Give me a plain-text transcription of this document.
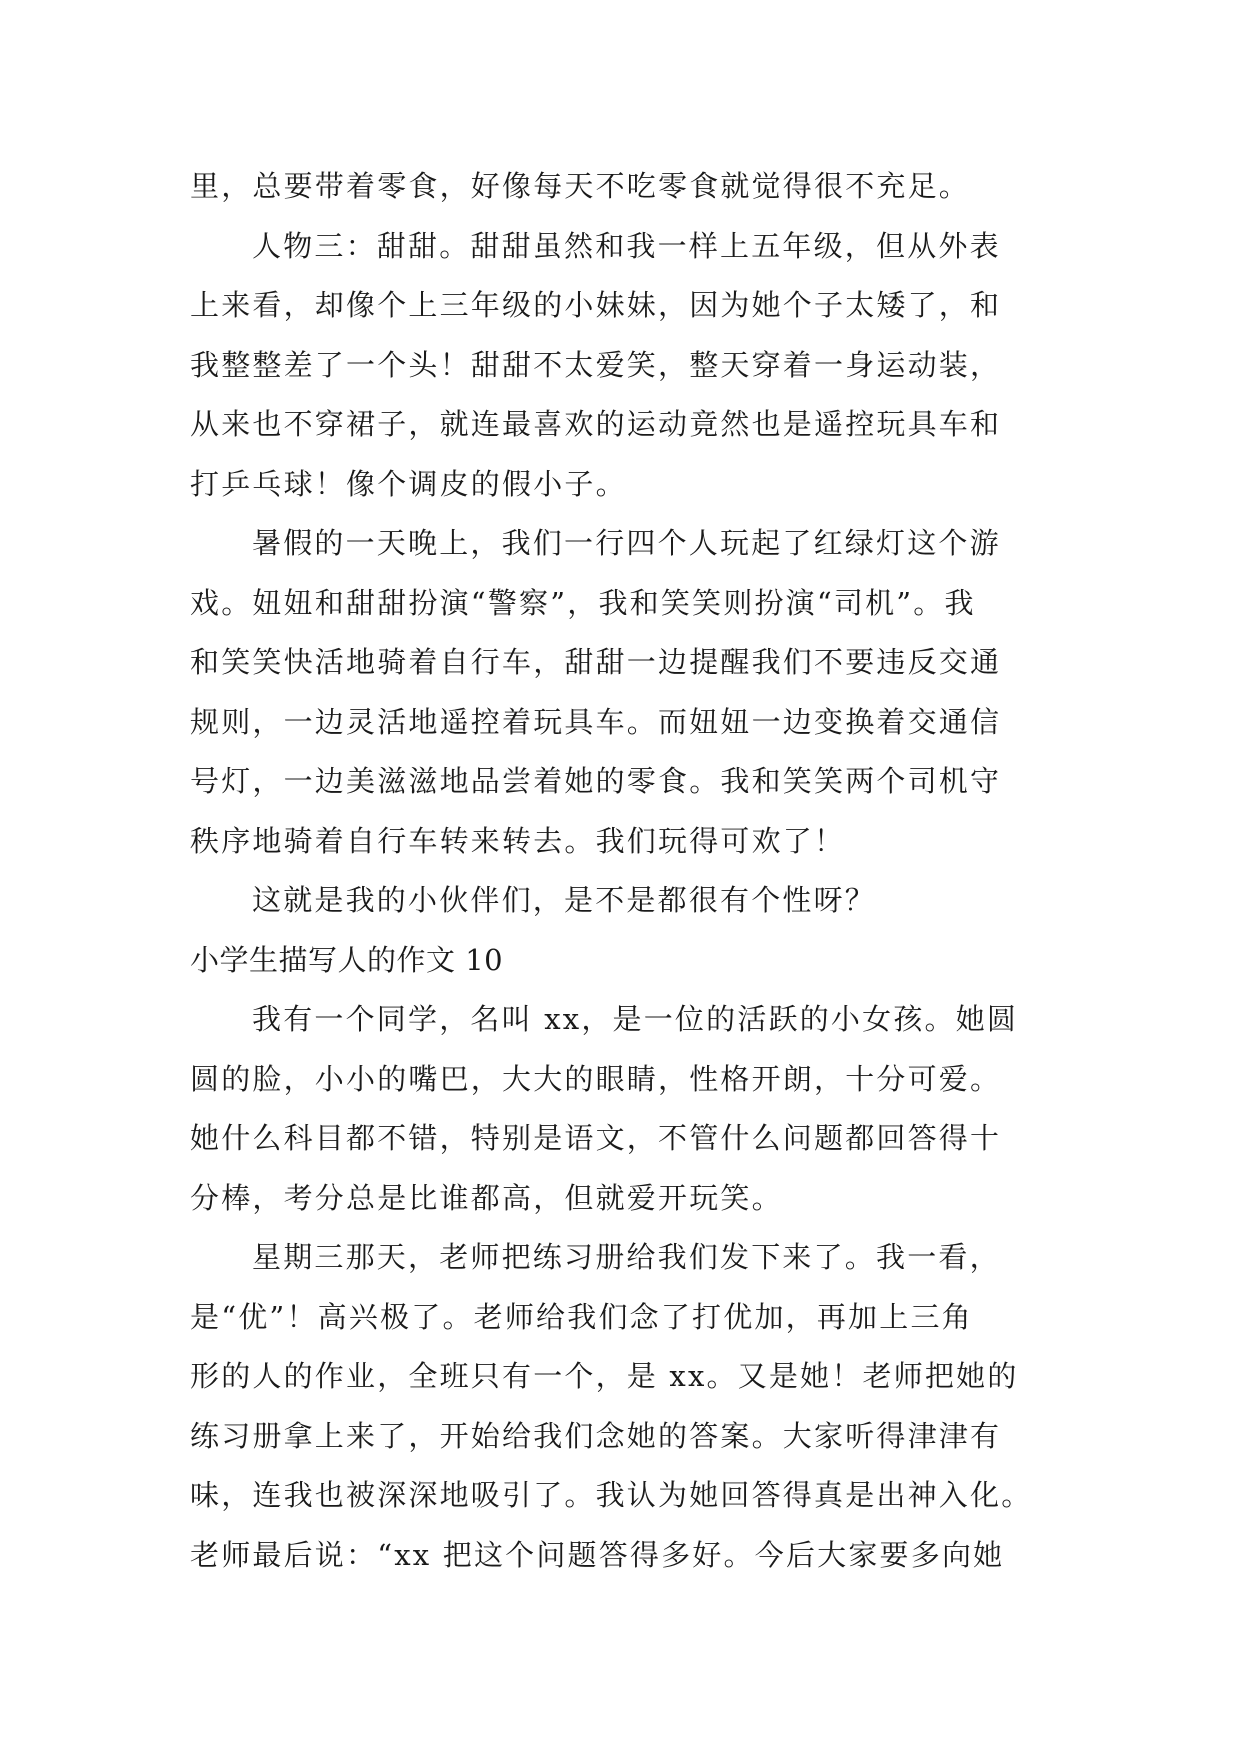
里，总要带着零食，好像每天不吃零食就觉得很不充足。

人物三：甜甜。甜甜虽然和我一样上五年级，但从外表

上来看，却像个上三年级的小妹妹，因为她个子太矮了，和

我整整差了一个头！甜甜不太爱笑，整天穿着一身运动装，

从来也不穿裙子，就连最喜欢的运动竟然也是遥控玩具车和

打乒乓球！像个调皮的假小子。

暑假的一天晚上，我们一行四个人玩起了红绿灯这个游

戏。妞妞和甜甜扮演“警察”，我和笑笑则扮演“司机”。我

和笑笑快活地骑着自行车，甜甜一边提醒我们不要违反交通

规则，一边灵活地遥控着玩具车。而妞妞一边变换着交通信

号灯，一边美滋滋地品尝着她的零食。我和笑笑两个司机守

秩序地骑着自行车转来转去。我们玩得可欢了！

这就是我的小伙伴们，是不是都很有个性呀？

小学生描写人的作文 10

我有一个同学，名叫 xx，是一位的活跃的小女孩。她圆

圆的脸，小小的嘴巴，大大的眼睛，性格开朗，十分可爱。

她什么科目都不错，特别是语文，不管什么问题都回答得十

分棒，考分总是比谁都高，但就爱开玩笑。

星期三那天，老师把练习册给我们发下来了。我一看，

是“优”！高兴极了。老师给我们念了打优加，再加上三角

形的人的作业，全班只有一个，是 xx。又是她！老师把她的

练习册拿上来了，开始给我们念她的答案。大家听得津津有

味，连我也被深深地吸引了。我认为她回答得真是出神入化。

老师最后说：“xx 把这个问题答得多好。今后大家要多向她
